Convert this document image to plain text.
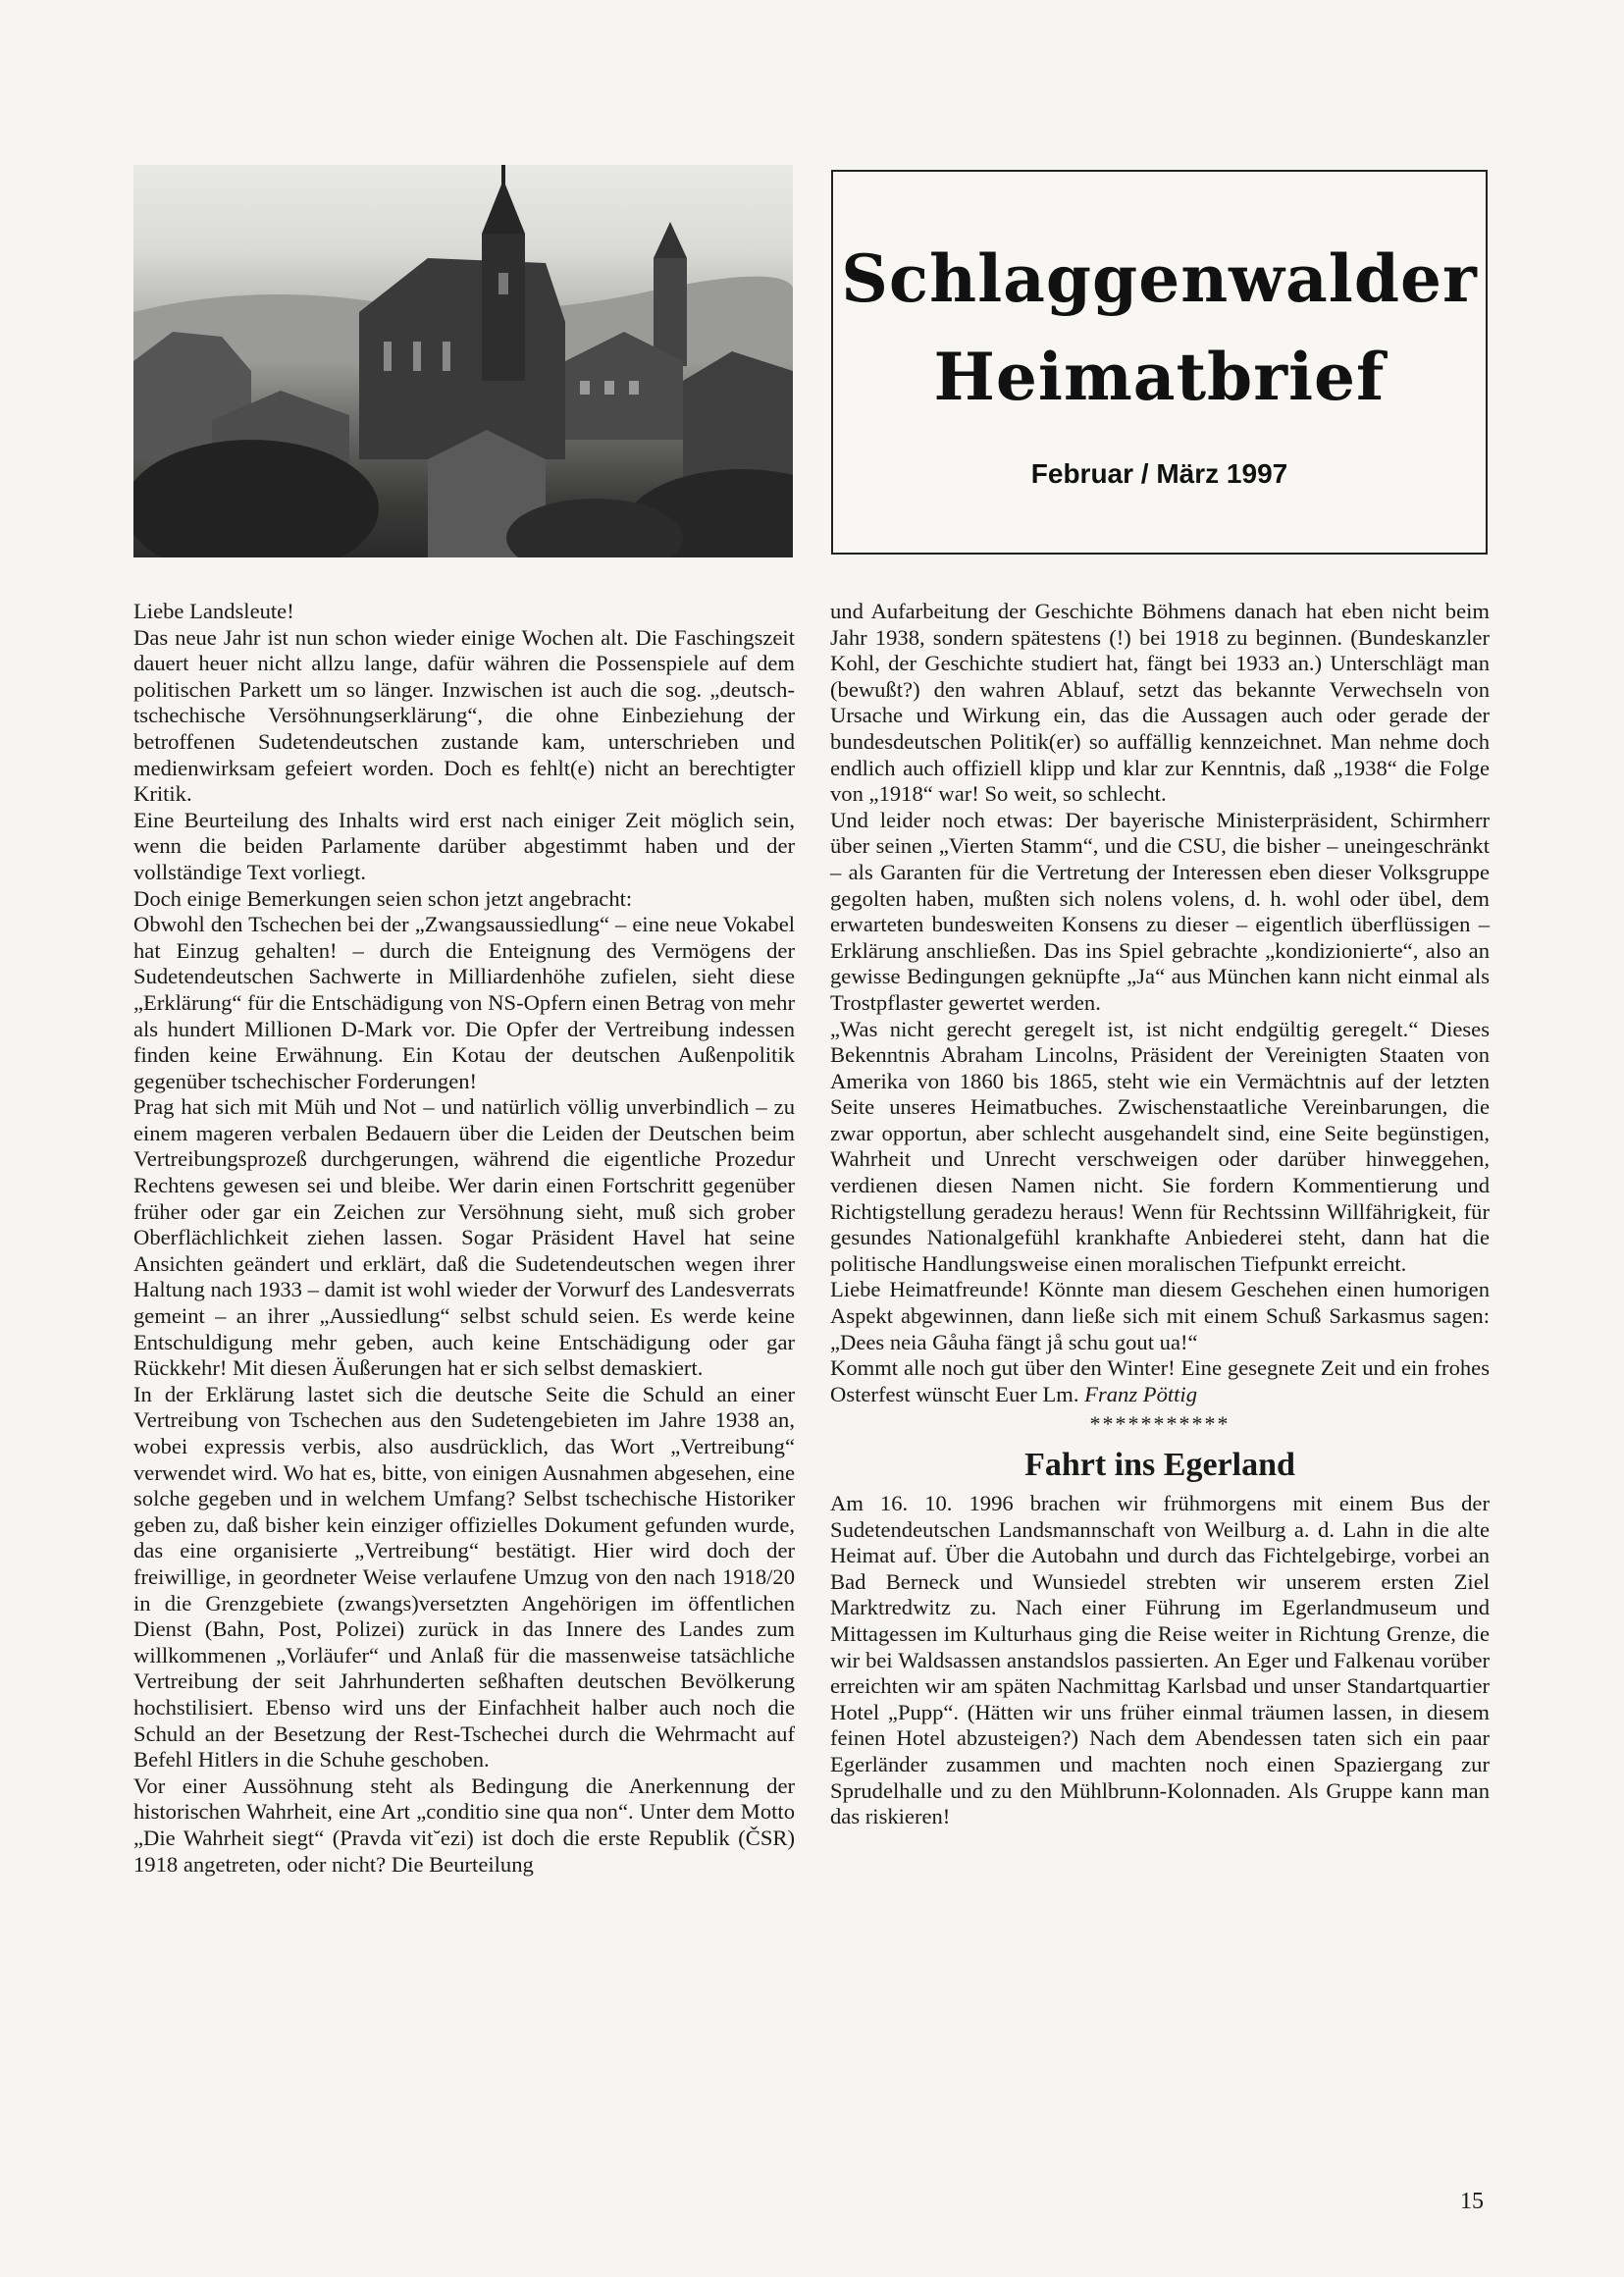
Schlaggenwalder
Heimatbrief
Februar / März 1997

Liebe Landsleute!

Das neue Jahr ist nun schon wieder einige Wochen alt. Die Faschingszeit dauert heuer nicht allzu lange, dafür währen die Possenspiele auf dem politischen Parkett um so länger. Inzwischen ist auch die sog. „deutsch-tschechische Versöhnungserklärung“, die ohne Einbeziehung der betroffenen Sudetendeutschen zustande kam, unterschrieben und medienwirksam gefeiert worden. Doch es fehlt(e) nicht an berechtigter Kritik.

Eine Beurteilung des Inhalts wird erst nach einiger Zeit möglich sein, wenn die beiden Parlamente darüber abgestimmt haben und der vollständige Text vorliegt.

Doch einige Bemerkungen seien schon jetzt angebracht:

Obwohl den Tschechen bei der „Zwangsaussiedlung“ – eine neue Vokabel hat Einzug gehalten! – durch die Enteignung des Vermögens der Sudetendeutschen Sachwerte in Milliardenhöhe zufielen, sieht diese „Erklärung“ für die Entschädigung von NS-Opfern einen Betrag von mehr als hundert Millionen D-Mark vor. Die Opfer der Vertreibung indessen finden keine Erwähnung. Ein Kotau der deutschen Außenpolitik gegenüber tschechischer Forderungen!

Prag hat sich mit Müh und Not – und natürlich völlig unverbindlich – zu einem mageren verbalen Bedauern über die Leiden der Deutschen beim Vertreibungsprozeß durchgerungen, während die eigentliche Prozedur Rechtens gewesen sei und bleibe. Wer darin einen Fortschritt gegenüber früher oder gar ein Zeichen zur Versöhnung sieht, muß sich grober Oberflächlichkeit ziehen lassen. Sogar Präsident Havel hat seine Ansichten geändert und erklärt, daß die Sudetendeutschen wegen ihrer Haltung nach 1933 – damit ist wohl wieder der Vorwurf des Landesverrats gemeint – an ihrer „Aussiedlung“ selbst schuld seien. Es werde keine Entschuldigung mehr geben, auch keine Entschädigung oder gar Rückkehr! Mit diesen Äußerungen hat er sich selbst demaskiert.

In der Erklärung lastet sich die deutsche Seite die Schuld an einer Vertreibung von Tschechen aus den Sudetengebieten im Jahre 1938 an, wobei expressis verbis, also ausdrücklich, das Wort „Vertreibung“ verwendet wird. Wo hat es, bitte, von einigen Ausnahmen abgesehen, eine solche gegeben und in welchem Umfang? Selbst tschechische Historiker geben zu, daß bisher kein einziger offizielles Dokument gefunden wurde, das eine organisierte „Vertreibung“ bestätigt. Hier wird doch der freiwillige, in geordneter Weise verlaufene Umzug von den nach 1918/20 in die Grenzgebiete (zwangs)versetzten Angehörigen im öffentlichen Dienst (Bahn, Post, Polizei) zurück in das Innere des Landes zum willkommenen „Vorläufer“ und Anlaß für die massenweise tatsächliche Vertreibung der seit Jahrhunderten seßhaften deutschen Bevölkerung hochstilisiert. Ebenso wird uns der Einfachheit halber auch noch die Schuld an der Besetzung der Rest-Tschechei durch die Wehrmacht auf Befehl Hitlers in die Schuhe geschoben.

Vor einer Aussöhnung steht als Bedingung die Anerkennung der historischen Wahrheit, eine Art „conditio sine qua non“. Unter dem Motto „Die Wahrheit siegt“ (Pravda vit˘ezi) ist doch die erste Republik (ČSR) 1918 angetreten, oder nicht? Die Beurteilung

und Aufarbeitung der Geschichte Böhmens danach hat eben nicht beim Jahr 1938, sondern spätestens (!) bei 1918 zu beginnen. (Bundeskanzler Kohl, der Geschichte studiert hat, fängt bei 1933 an.) Unterschlägt man (bewußt?) den wahren Ablauf, setzt das bekannte Verwechseln von Ursache und Wirkung ein, das die Aussagen auch oder gerade der bundesdeutschen Politik(er) so auffällig kennzeichnet. Man nehme doch endlich auch offiziell klipp und klar zur Kenntnis, daß „1938“ die Folge von „1918“ war! So weit, so schlecht.

Und leider noch etwas: Der bayerische Ministerpräsident, Schirmherr über seinen „Vierten Stamm“, und die CSU, die bisher – uneingeschränkt – als Garanten für die Vertretung der Interessen eben dieser Volksgruppe gegolten haben, mußten sich nolens volens, d. h. wohl oder übel, dem erwarteten bundesweiten Konsens zu dieser – eigentlich überflüssigen – Erklärung anschließen. Das ins Spiel gebrachte „kondizionierte“, also an gewisse Bedingungen geknüpfte „Ja“ aus München kann nicht einmal als Trostpflaster gewertet werden.

„Was nicht gerecht geregelt ist, ist nicht endgültig geregelt.“ Dieses Bekenntnis Abraham Lincolns, Präsident der Vereinigten Staaten von Amerika von 1860 bis 1865, steht wie ein Vermächtnis auf der letzten Seite unseres Heimatbuches. Zwischenstaatliche Vereinbarungen, die zwar opportun, aber schlecht ausgehandelt sind, eine Seite begünstigen, Wahrheit und Unrecht verschweigen oder darüber hinweggehen, verdienen diesen Namen nicht. Sie fordern Kommentierung und Richtigstellung geradezu heraus! Wenn für Rechtssinn Willfährigkeit, für gesundes Nationalgefühl krankhafte Anbiederei steht, dann hat die politische Handlungsweise einen moralischen Tiefpunkt erreicht.

Liebe Heimatfreunde! Könnte man diesem Geschehen einen humorigen Aspekt abgewinnen, dann ließe sich mit einem Schuß Sarkasmus sagen: „Dees neia Gåuha fängt jå schu gout ua!“

Kommt alle noch gut über den Winter! Eine gesegnete Zeit und ein frohes Osterfest wünscht Euer Lm. Franz Pöttig

***********
Fahrt ins Egerland

Am 16. 10. 1996 brachen wir frühmorgens mit einem Bus der Sudetendeutschen Landsmannschaft von Weilburg a. d. Lahn in die alte Heimat auf. Über die Autobahn und durch das Fichtelgebirge, vorbei an Bad Berneck und Wunsiedel strebten wir unserem ersten Ziel Marktredwitz zu. Nach einer Führung im Egerlandmuseum und Mittagessen im Kulturhaus ging die Reise weiter in Richtung Grenze, die wir bei Waldsassen anstandslos passierten. An Eger und Falkenau vorüber erreichten wir am späten Nachmittag Karlsbad und unser Standartquartier Hotel „Pupp“. (Hätten wir uns früher einmal träumen lassen, in diesem feinen Hotel abzusteigen?) Nach dem Abendessen taten sich ein paar Egerländer zusammen und machten noch einen Spaziergang zur Sprudelhalle und zu den Mühlbrunn-Kolonnaden. Als Gruppe kann man das riskieren!

15
